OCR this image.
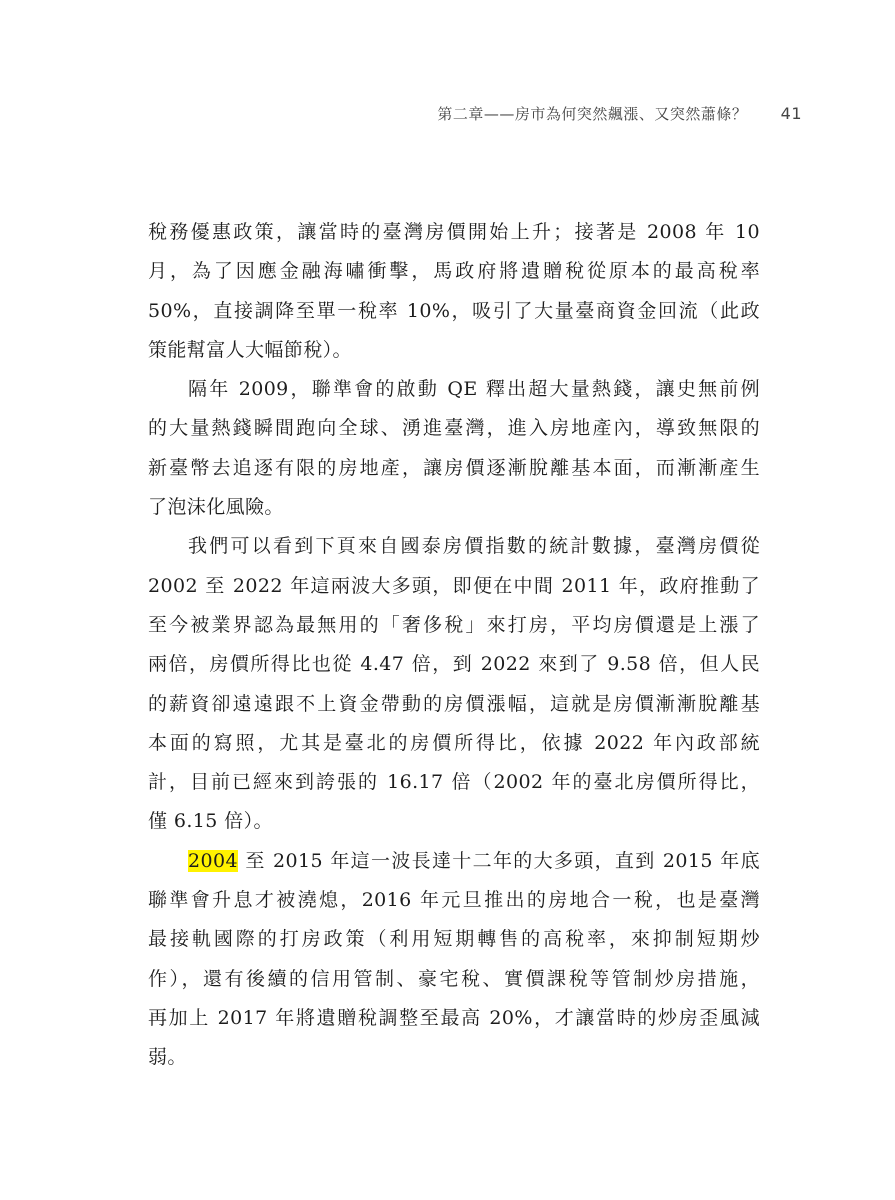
第二章——房市為何突然飆漲、又突然蕭條？ 41
稅務優惠政策，讓當時的臺灣房價開始上升；接著是 2008 年 10
月，為了因應金融海嘯衝擊，馬政府將遺贈稅從原本的最高稅率
50%，直接調降至單一稅率 10%，吸引了大量臺商資金回流（此政
策能幫富人大幅節稅）。
隔年 2009，聯準會的啟動 QE 釋出超大量熱錢，讓史無前例
的大量熱錢瞬間跑向全球、湧進臺灣，進入房地產內，導致無限的
新臺幣去追逐有限的房地產，讓房價逐漸脫離基本面，而漸漸產生
了泡沫化風險。
我們可以看到下頁來自國泰房價指數的統計數據，臺灣房價從
2002 至 2022 年這兩波大多頭，即便在中間 2011 年，政府推動了
至今被業界認為最無用的「奢侈稅」來打房，平均房價還是上漲了
兩倍，房價所得比也從 4.47 倍，到 2022 來到了 9.58 倍，但人民
的薪資卻遠遠跟不上資金帶動的房價漲幅，這就是房價漸漸脫離基
本面的寫照，尤其是臺北的房價所得比，依據 2022 年內政部統
計，目前已經來到誇張的 16.17 倍（2002 年的臺北房價所得比，
僅 6.15 倍）。
2004 至 2015 年這一波長達十二年的大多頭，直到 2015 年底
聯準會升息才被澆熄，2016 年元旦推出的房地合一稅，也是臺灣
最接軌國際的打房政策（利用短期轉售的高稅率，來抑制短期炒
作），還有後續的信用管制、豪宅稅、實價課稅等管制炒房措施，
再加上 2017 年將遺贈稅調整至最高 20%，才讓當時的炒房歪風減
弱。
